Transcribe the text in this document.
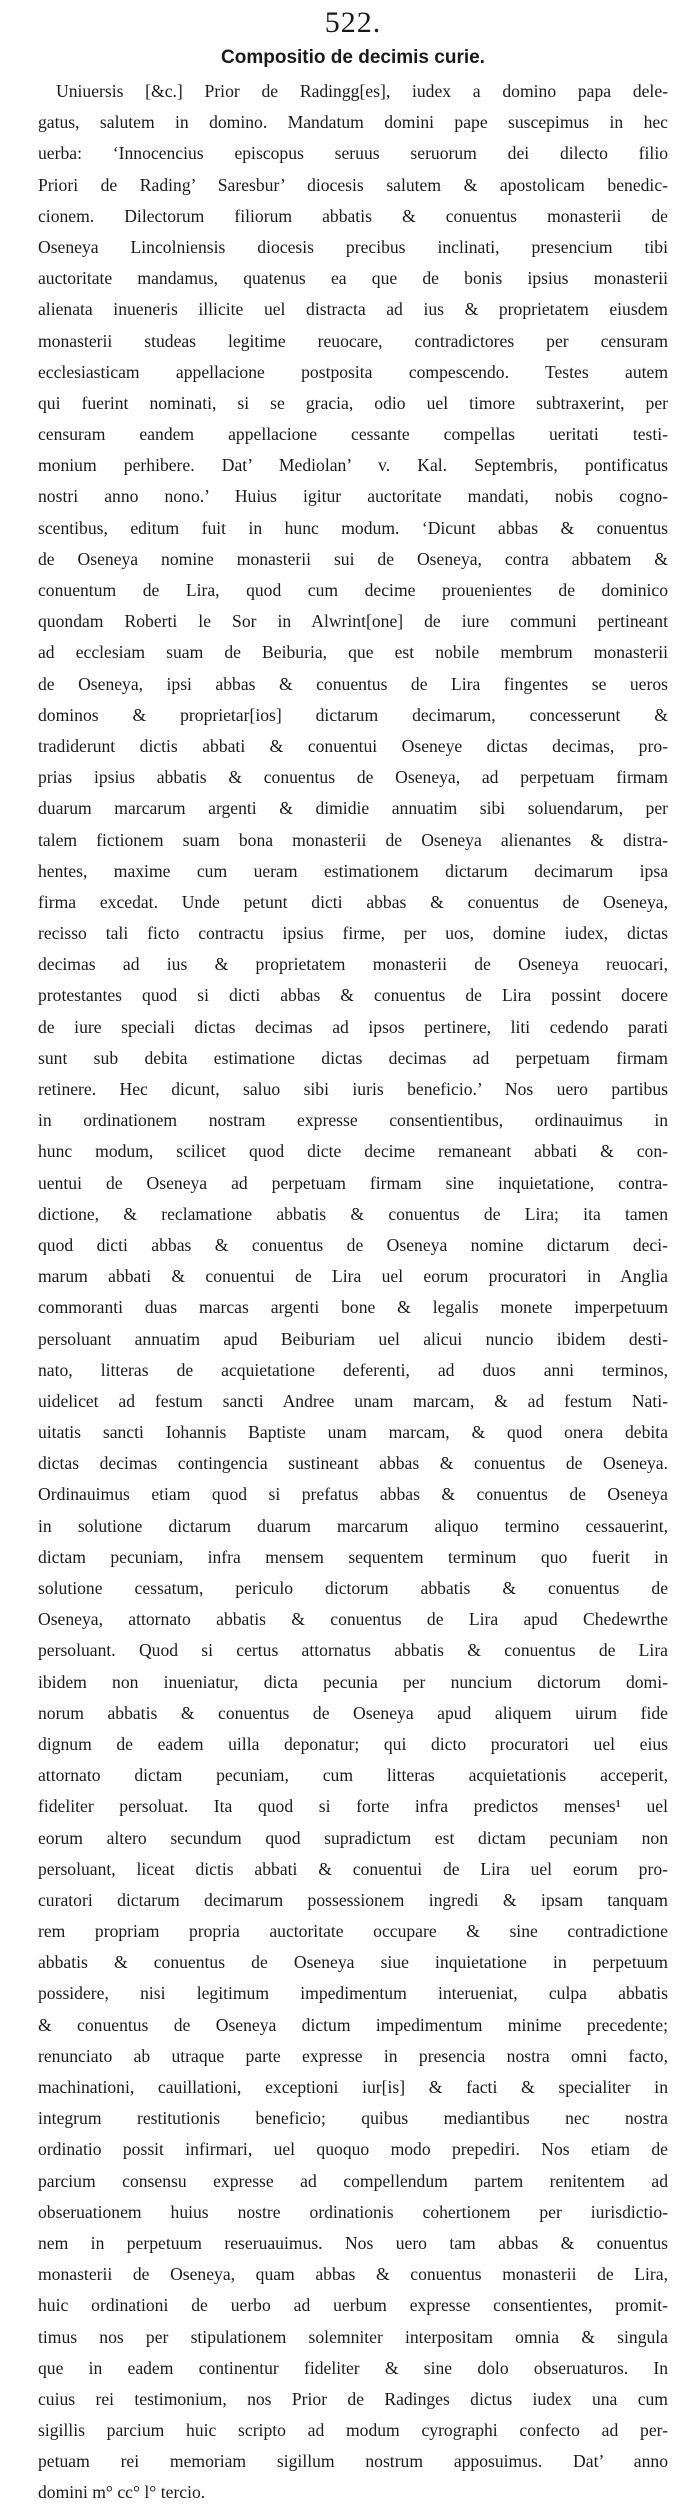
522.
Compositio de decimis curie.
Uniuersis [&c.] Prior de Radingg[es], iudex a domino papa dele-
gatus, salutem in domino. Mandatum domini pape suscepimus in hec
uerba: ‘Innocencius episcopus seruus seruorum dei dilecto filio
Priori de Rading’ Saresbur’ diocesis salutem & apostolicam benedic-
cionem. Dilectorum filiorum abbatis & conuentus monasterii de
Oseneya Lincolniensis diocesis precibus inclinati, presencium tibi
auctoritate mandamus, quatenus ea que de bonis ipsius monasterii
alienata inueneris illicite uel distracta ad ius & proprietatem eiusdem
monasterii studeas legitime reuocare, contradictores per censuram
ecclesiasticam appellacione postposita compescendo. Testes autem
qui fuerint nominati, si se gracia, odio uel timore subtraxerint, per
censuram eandem appellacione cessante compellas ueritati testi-
monium perhibere. Dat’ Mediolan’ v. Kal. Septembris, pontificatus
nostri anno nono.’ Huius igitur auctoritate mandati, nobis cogno-
scentibus, editum fuit in hunc modum. ‘Dicunt abbas & conuentus
de Oseneya nomine monasterii sui de Oseneya, contra abbatem &
conuentum de Lira, quod cum decime prouenientes de dominico
quondam Roberti le Sor in Alwrint[one] de iure communi pertineant
ad ecclesiam suam de Beiburia, que est nobile membrum monasterii
de Oseneya, ipsi abbas & conuentus de Lira fingentes se ueros
dominos & proprietar[ios] dictarum decimarum, concesserunt &
tradiderunt dictis abbati & conuentui Oseneye dictas decimas, pro-
prias ipsius abbatis & conuentus de Oseneya, ad perpetuam firmam
duarum marcarum argenti & dimidie annuatim sibi soluendarum, per
talem fictionem suam bona monasterii de Oseneya alienantes & distra-
hentes, maxime cum ueram estimationem dictarum decimarum ipsa
firma excedat. Unde petunt dicti abbas & conuentus de Oseneya,
recisso tali ficto contractu ipsius firme, per uos, domine iudex, dictas
decimas ad ius & proprietatem monasterii de Oseneya reuocari,
protestantes quod si dicti abbas & conuentus de Lira possint docere
de iure speciali dictas decimas ad ipsos pertinere, liti cedendo parati
sunt sub debita estimatione dictas decimas ad perpetuam firmam
retinere. Hec dicunt, saluo sibi iuris beneficio.’ Nos uero partibus
in ordinationem nostram expresse consentientibus, ordinauimus in
hunc modum, scilicet quod dicte decime remaneant abbati & con-
uentui de Oseneya ad perpetuam firmam sine inquietatione, contra-
dictione, & reclamatione abbatis & conuentus de Lira; ita tamen
quod dicti abbas & conuentus de Oseneya nomine dictarum deci-
marum abbati & conuentui de Lira uel eorum procuratori in Anglia
commoranti duas marcas argenti bone & legalis monete imperpetuum
persoluant annuatim apud Beiburiam uel alicui nuncio ibidem desti-
nato, litteras de acquietatione deferenti, ad duos anni terminos,
uidelicet ad festum sancti Andree unam marcam, & ad festum Nati-
uitatis sancti Iohannis Baptiste unam marcam, & quod onera debita
dictas decimas contingencia sustineant abbas & conuentus de Oseneya.
Ordinauimus etiam quod si prefatus abbas & conuentus de Oseneya
in solutione dictarum duarum marcarum aliquo termino cessauerint,
dictam pecuniam, infra mensem sequentem terminum quo fuerit in
solutione cessatum, periculo dictorum abbatis & conuentus de
Oseneya, attornato abbatis & conuentus de Lira apud Chedewrthe
persoluant. Quod si certus attornatus abbatis & conuentus de Lira
ibidem non inueniatur, dicta pecunia per nuncium dictorum domi-
norum abbatis & conuentus de Oseneya apud aliquem uirum fide
dignum de eadem uilla deponatur; qui dicto procuratori uel eius
attornato dictam pecuniam, cum litteras acquietationis acceperit,
fideliter persoluat. Ita quod si forte infra predictos menses¹ uel
eorum altero secundum quod supradictum est dictam pecuniam non
persoluant, liceat dictis abbati & conuentui de Lira uel eorum pro-
curatori dictarum decimarum possessionem ingredi & ipsam tanquam
rem propriam propria auctoritate occupare & sine contradictione
abbatis & conuentus de Oseneya siue inquietatione in perpetuum
possidere, nisi legitimum impedimentum interueniat, culpa abbatis
& conuentus de Oseneya dictum impedimentum minime precedente;
renunciato ab utraque parte expresse in presencia nostra omni facto,
machinationi, cauillationi, exceptioni iur[is] & facti & specialiter in
integrum restitutionis beneficio; quibus mediantibus nec nostra
ordinatio possit infirmari, uel quoquo modo prepediri. Nos etiam de
parcium consensu expresse ad compellendum partem renitentem ad
obseruationem huius nostre ordinationis cohertionem per iurisdictio-
nem in perpetuum reseruauimus. Nos uero tam abbas & conuentus
monasterii de Oseneya, quam abbas & conuentus monasterii de Lira,
huic ordinationi de uerbo ad uerbum expresse consentientes, promit-
timus nos per stipulationem solemniter interpositam omnia & singula
que in eadem continentur fideliter & sine dolo obseruaturos. In
cuius rei testimonium, nos Prior de Radinges dictus iudex una cum
sigillis parcium huic scripto ad modum cyrographi confecto ad per-
petuam rei memoriam sigillum nostrum apposuimus. Dat’ anno
domini m° cc° l° tercio.
